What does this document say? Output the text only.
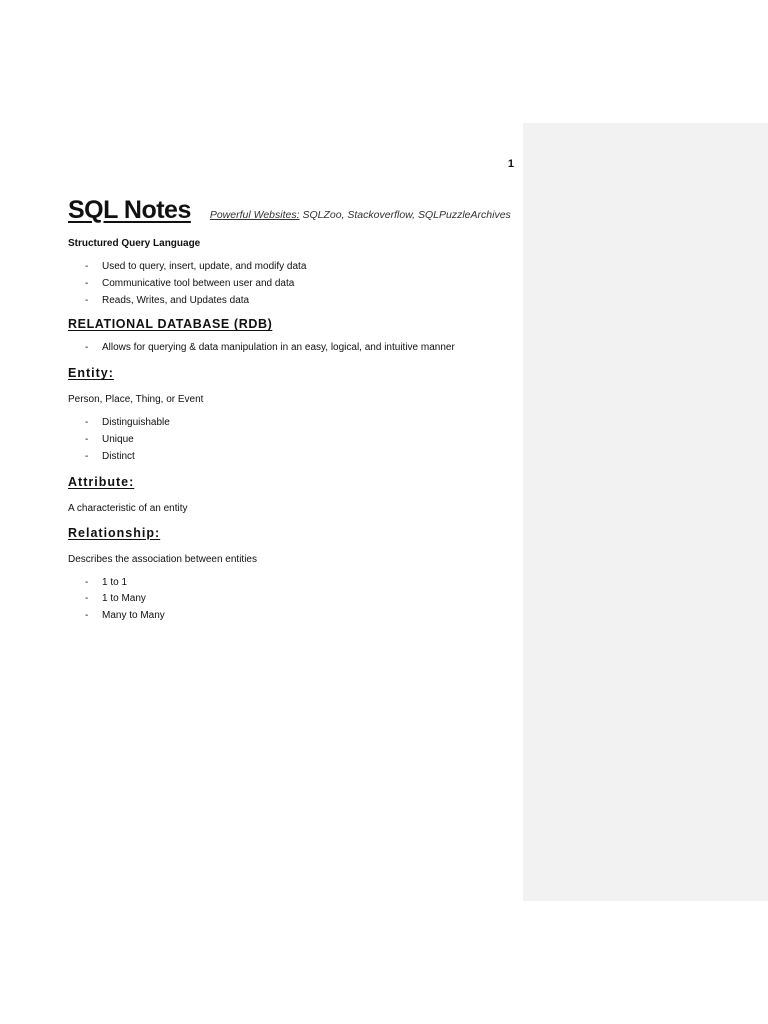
1
SQL Notes Powerful Websites: SQLZoo, Stackoverflow, SQLPuzzleArchives
Structured Query Language
- Used to query, insert, update, and modify data
- Communicative tool between user and data
- Reads, Writes, and Updates data
RELATIONAL DATABASE (RDB)
- Allows for querying & data manipulation in an easy, logical, and intuitive manner
Entity:
Person, Place, Thing, or Event
- Distinguishable
- Unique
- Distinct
Attribute:
A characteristic of an entity
Relationship:
Describes the association between entities
- 1 to 1
- 1 to Many
- Many to Many
